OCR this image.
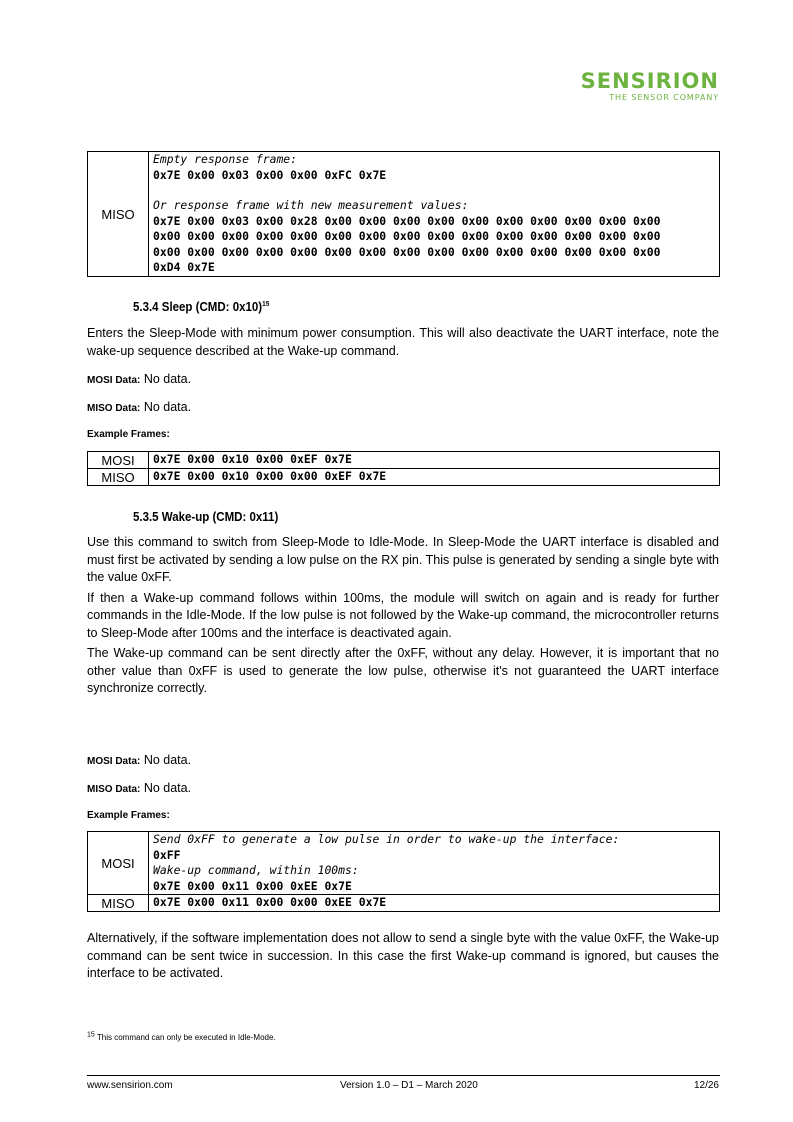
SENSIRION
THE SENSOR COMPANY
MISO	
Empty response frame:
0x7E 0x00 0x03 0x00 0x00 0xFC 0x7E
Or response frame with new measurement values:
0x7E 0x00 0x03 0x00 0x28 0x00 0x00 0x00 0x00 0x00 0x00 0x00 0x00 0x00 0x00
0x00 0x00 0x00 0x00 0x00 0x00 0x00 0x00 0x00 0x00 0x00 0x00 0x00 0x00 0x00
0x00 0x00 0x00 0x00 0x00 0x00 0x00 0x00 0x00 0x00 0x00 0x00 0x00 0x00 0x00
0xD4 0x7E
5.3.4 Sleep (CMD: 0x10)$^{15}$

Enters the Sleep-Mode with minimum power consumption. This will also deactivate the UART interface, note the wake-up sequence described at the Wake-up command.

MOSI Data: No data.
MISO Data: No data.
Example Frames:
MOSI	0x7E 0x00 0x10 0x00 0xEF 0x7E

MISO	0x7E 0x00 0x10 0x00 0x00 0xEF 0x7E
5.3.5 Wake-up (CMD: 0x11)

Use this command to switch from Sleep-Mode to Idle-Mode. In Sleep-Mode the UART interface is disabled and must first be activated by sending a low pulse on the RX pin. This pulse is generated by sending a single byte with the value 0xFF.

If then a Wake-up command follows within 100ms, the module will switch on again and is ready for further commands in the Idle-Mode. If the low pulse is not followed by the Wake-up command, the microcontroller returns to Sleep-Mode after 100ms and the interface is deactivated again.

The Wake-up command can be sent directly after the 0xFF, without any delay. However, it is important that no other value than 0xFF is used to generate the low pulse, otherwise it's not guaranteed the UART interface synchronize correctly.

MOSI Data: No data.
MISO Data: No data.
Example Frames:
MOSI	Send 0xFF to generate a low pulse in order to wake-up the interface:
0xFF
Wake-up command, within 100ms:
0x7E 0x00 0x11 0x00 0xEE 0x7E

MISO	0x7E 0x00 0x11 0x00 0x00 0xEE 0x7E

Alternatively, if the software implementation does not allow to send a single byte with the value 0xFF, the Wake-up command can be sent twice in succession. In this case the first Wake-up command is ignored, but causes the interface to be activated.

$^{15}$ This command can only be executed in Idle-Mode.
www.sensirion.com	Version 1.0 – D1 – March 2020	12/26
